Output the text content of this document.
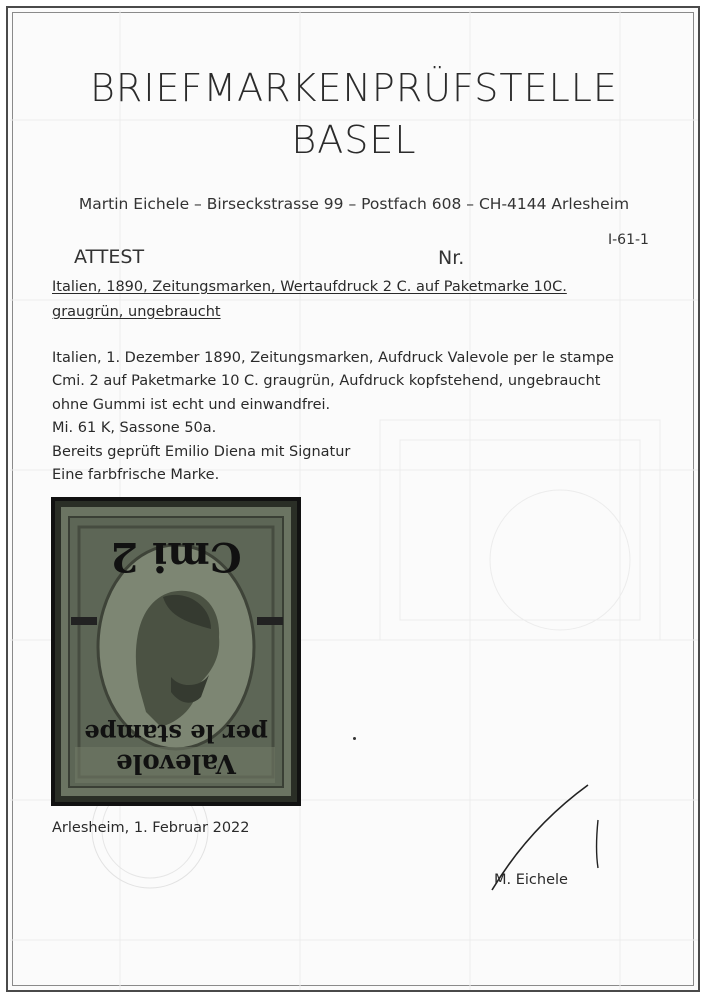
BRIEFMARKENPRÜFSTELLE
BASEL
Martin Eichele – Birseckstrasse 99 – Postfach 608 – CH-4144 Arlesheim
ATTEST	Nr.
I-61-1
Italien, 1890, Zeitungsmarken, Wertaufdruck 2 C. auf Paketmarke 10C.
graugrün, ungebraucht
Italien, 1. Dezember 1890, Zeitungsmarken, Aufdruck Valevole per le stampe
Cmi. 2 auf Paketmarke 10 C. graugrün, Aufdruck kopfstehend, ungebraucht
ohne Gummi ist echt und einwandfrei.
Mi. 61 K, Sassone 50a.
Bereits geprüft Emilio Diena mit Signatur
Eine farbfrische Marke.
Cmi 2
Valevole
per le stampe
Arlesheim, 1. Februar 2022
M. Eichele
